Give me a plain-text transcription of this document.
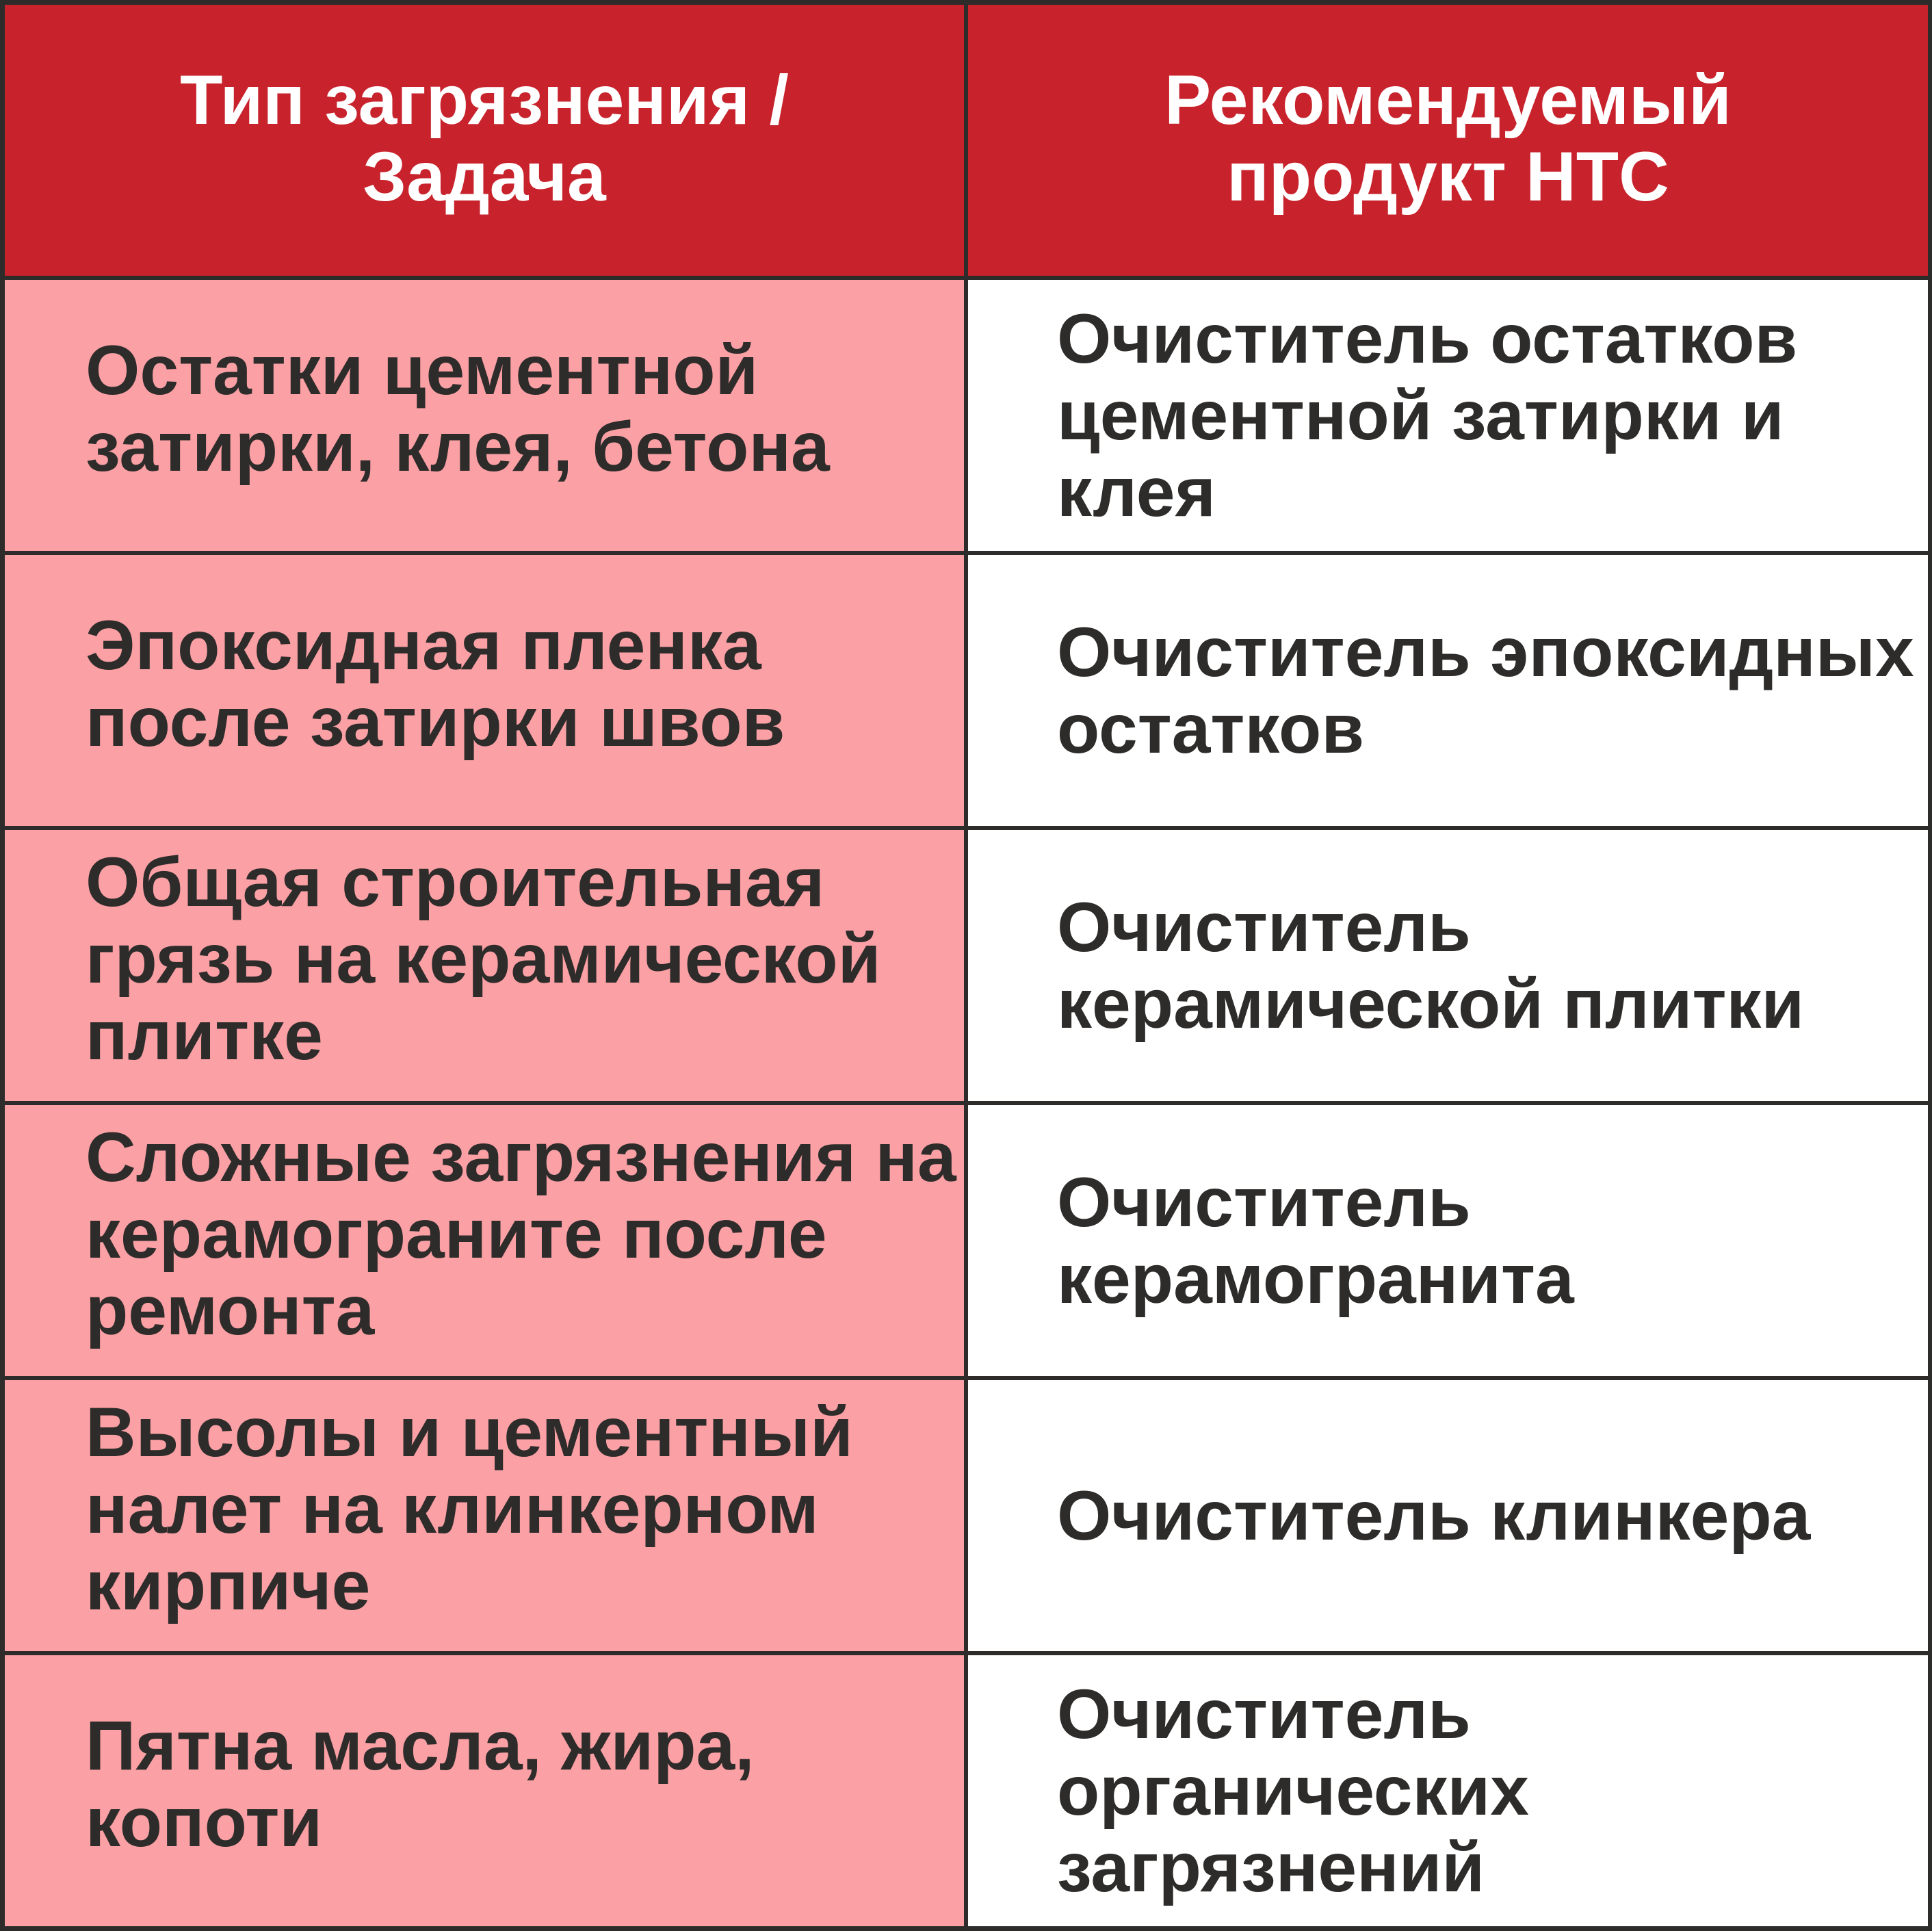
Тип загрязнения /
Задача
Рекомендуемый
продукт НТС
Остатки цементной
затирки, клея, бетона
Очиститель остатков
цементной затирки и
клея
Эпоксидная пленка
после затирки швов
Очиститель эпоксидных
остатков
Общая строительная
грязь на керамической
плитке
Очиститель
керамической плитки
Сложные загрязнения на
керамограните после
ремонта
Очиститель
керамогранита
Высолы и цементный
налет на клинкерном
кирпиче
Очиститель клинкера
Пятна масла, жира,
копоти
Очиститель
органических
загрязнений
